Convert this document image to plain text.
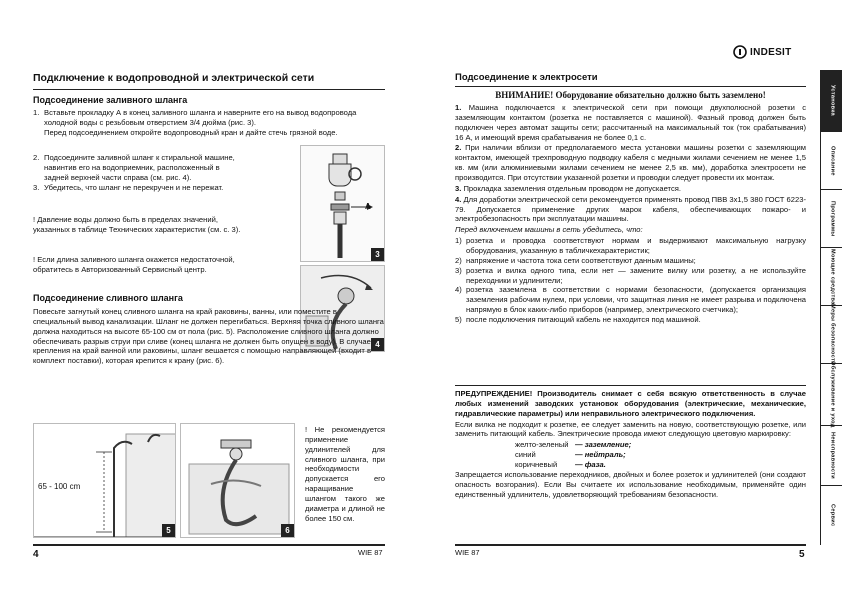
Подключение к водопроводной и электрической сети
Подсоединение заливного шланга
1. Вставьте прокладку А в конец заливного шланга и наверните его на вывод водопровода холодной воды с резьбовым отверстием 3/4 дюйма (рис. 3).
Перед подсоединением откройте водопроводный кран и дайте стечь грязной воде.
2. Подсоедините заливной шланг к стиральной машине, навинтив его на водоприемник, расположенный в задней верхней части справа (см. рис. 4).
3. Убедитесь, что шланг не перекручен и не пережат.

! Давление воды должно быть в пределах значений, указанных в таблице Технических характеристик (см. с. 3).

! Если длина заливного шланга окажется недостаточной, обратитесь в Авторизованный Сервисный центр.

A
3
4
Подсоединение сливного шланга

Повесьте загнутый конец сливного шланга на край раковины, ванны, или поместите в специальный вывод канализации. Шланг не должен перегибаться. Верхняя точка сливного шланга должна находиться на высоте 65-100 см от пола (рис. 5). Расположение сливного шланга должно обеспечивать разрыв струи при сливе (конец шланга не должен быть опущен в воду). В случае крепления на край ванной или раковины, шланг вешается с помощью направляющей (входит в комплект поставки), которая крепится к крану (рис. 6).

65 - 100 cm
5	6

! Не рекомендуется применение удлинителей для сливного шланга, при необходимости допускается его наращивание шлангом такого же диаметра и длиной не более 150 см.

4	WIE 87
INDESIT
Подсоединение к электросети

ВНИМАНИЕ! Оборудование обязательно должно быть заземлено!

1. Машина подключается к электрической сети при помощи двухполюсной розетки с заземляющим контактом (розетка не поставляется с машиной). Фазный провод должен быть подключен через автомат защиты сети; рассчитанный на максимальный ток (ток срабатывания) 16 А, и имеющий время срабатывания не более 0,1 с.

2. При наличии вблизи от предполагаемого места установки машины розетки с заземляющим контактом, имеющей трехпроводную подводку кабеля с медными жилами сечением не менее 1,5 кв. мм (или алюминиевыми жилами сечением не менее 2,5 кв. мм), доработка электросети не производится. При отсутствии указанной розетки и проводки следует провести их монтаж.

3. Прокладка заземления отдельным проводом не допускается.

4. Для доработки электрической сети рекомендуется применять провод ПВВ 3х1,5 380 ГОСТ 6223-79. Допускается применение других марок кабеля, обеспечивающих пожаро- и электробезопасность при эксплуатации машины.

Перед включением машины в сеть убедитесь, что:

1) розетка и проводка соответствуют нормам и выдерживают максимальную нагрузку оборудования, указанную в табличкехарактеристик;
2) напряжение и частота тока сети соответствуют данным машины;
3) розетка и вилка одного типа, если нет — замените вилку или розетку, а не используйте переходники и удлинители;
4) розетка заземлена в соответствии с нормами безопасности, (допускается организация заземления рабочим нулем, при условии, что защитная линия не имеет разрыва и подключена напрямую в блок каких-либо приборов (например, электрического счетчика);
5) после подключения питающий кабель не находится под машиной.

ПРЕДУПРЕЖДЕНИЕ! Производитель снимает с себя всякую ответственность в случае любых изменений заводских установок оборудования (электрические, механические, гидравлические параметры) или неправильного электрического подключения.

Если вилка не подходит к розетке, ее следует заменить на новую, соответствующую розетке, или заменить питающий кабель. Электрические провода имеют следующую цветовую маркировку:

желто-зеленый — заземление;
синий	— нейтраль;
коричневый	— фаза.

Запрещается использование переходников, двойных и более розеток и удлинителей (они создают опасность возгорания). Если Вы считаете их использование необходимым, применяйте один единственный удлинитель, удовлетворяющий требованиям безопасности.

Установка
Описание
Программы
Моющие средства
Меры безопасности
Обслуживание и уход
Неисправности
Сервис
WIE 87	5
